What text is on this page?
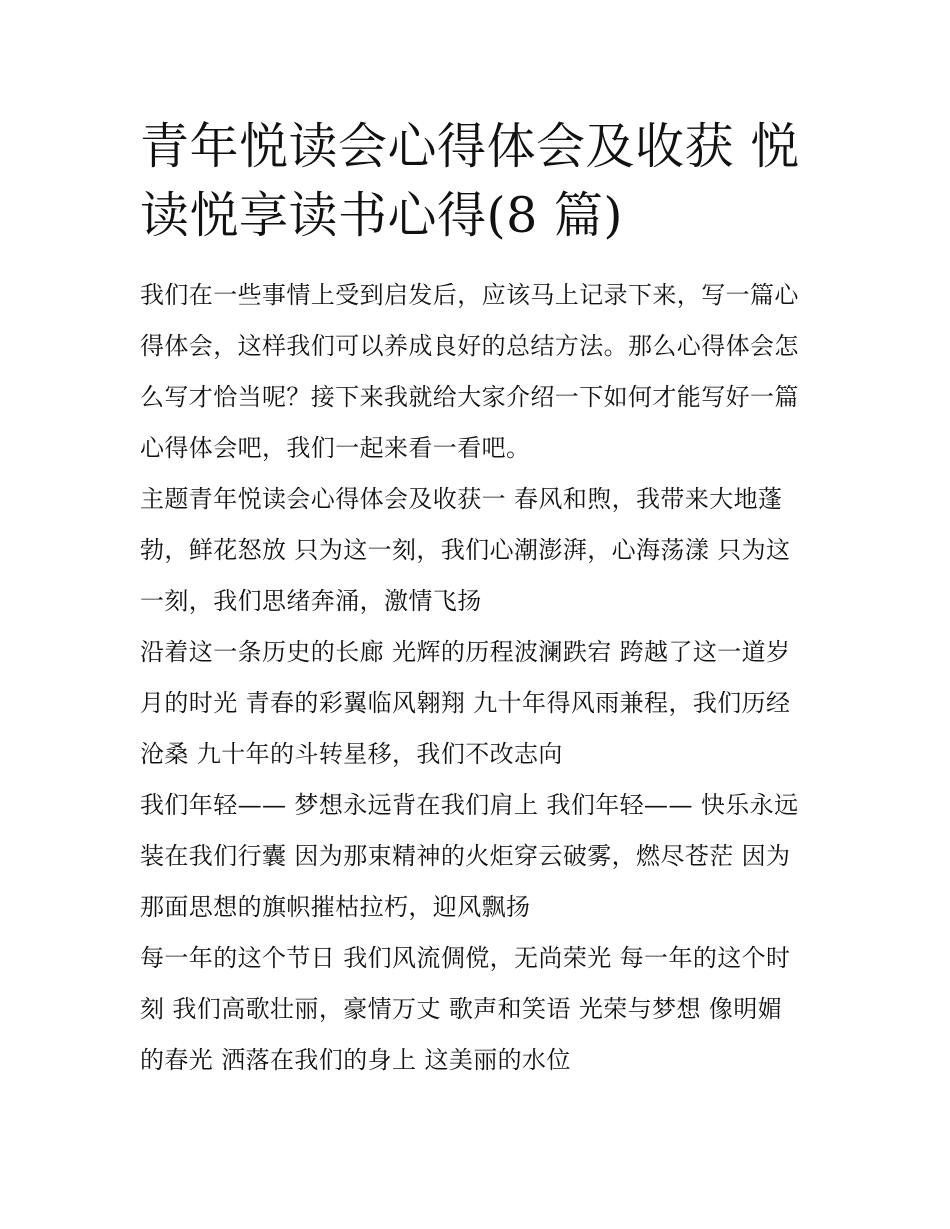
青年悦读会心得体会及收获 悦
读悦享读书心得(8 篇)

我们在一些事情上受到启发后，应该马上记录下来，写一篇心
得体会，这样我们可以养成良好的总结方法。那么心得体会怎
么写才恰当呢？接下来我就给大家介绍一下如何才能写好一篇
心得体会吧，我们一起来看一看吧。

主题青年悦读会心得体会及收获一 春风和煦，我带来大地蓬
勃，鲜花怒放 只为这一刻，我们心潮澎湃，心海荡漾 只为这
一刻，我们思绪奔涌，激情飞扬

沿着这一条历史的长廊 光辉的历程波澜跌宕 跨越了这一道岁
月的时光 青春的彩翼临风翱翔 九十年得风雨兼程，我们历经
沧桑 九十年的斗转星移，我们不改志向

我们年轻—— 梦想永远背在我们肩上 我们年轻—— 快乐永远
装在我们行囊 因为那束精神的火炬穿云破雾，燃尽苍茫 因为
那面思想的旗帜摧枯拉朽，迎风飘扬

每一年的这个节日 我们风流倜傥，无尚荣光 每一年的这个时
刻 我们高歌壮丽，豪情万丈 歌声和笑语 光荣与梦想 像明媚
的春光 洒落在我们的身上 这美丽的水位
